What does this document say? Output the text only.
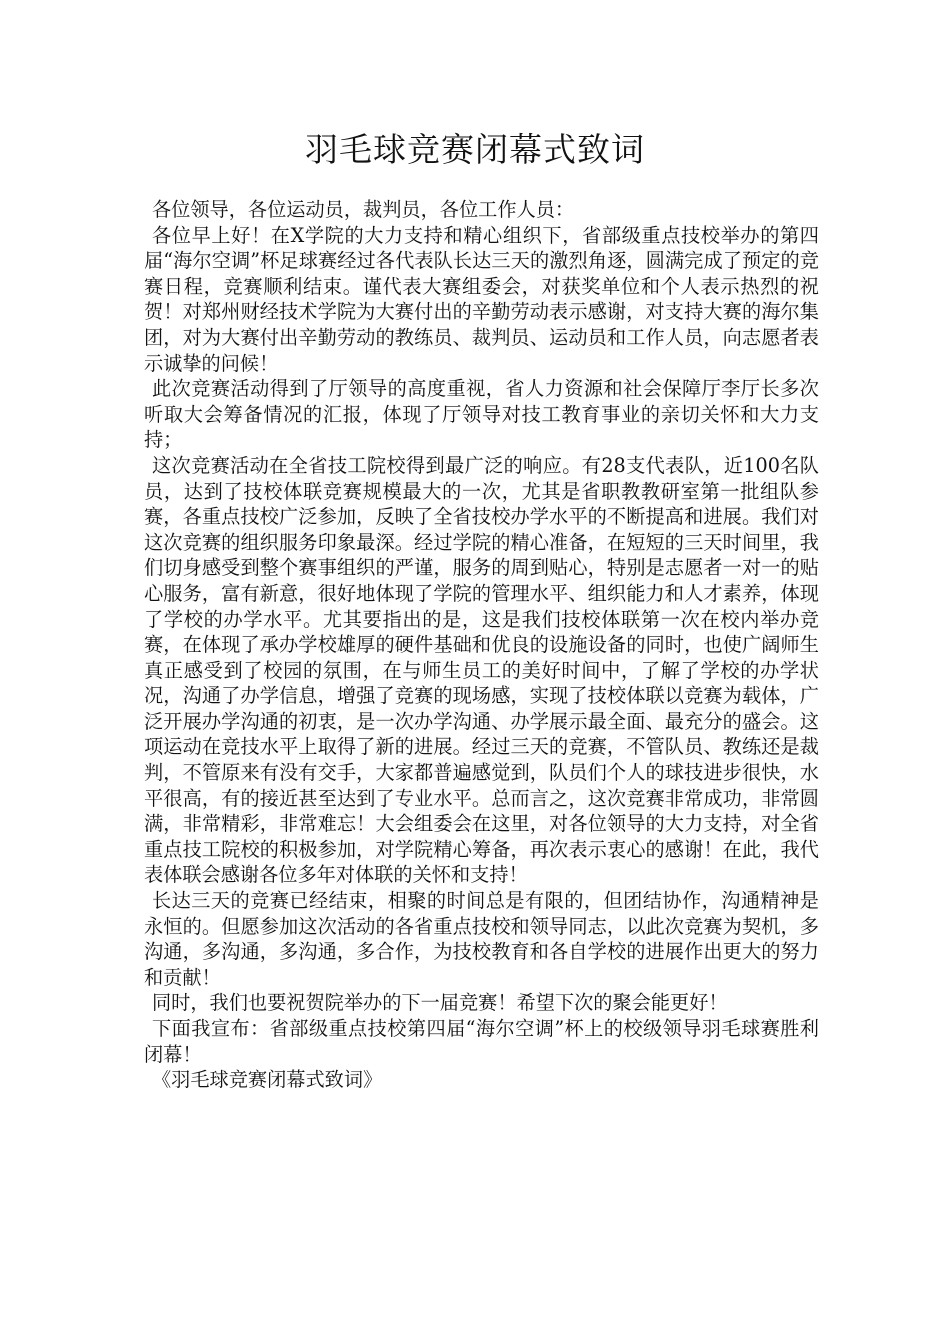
羽毛球竞赛闭幕式致词

各位领导，各位运动员，裁判员，各位工作人员：

各位早上好！在X学院的大力支持和精心组织下，省部级重点技校举办的第四届“海尔空调”杯足球赛经过各代表队长达三天的激烈角逐，圆满完成了预定的竞赛日程，竞赛顺利结束。谨代表大赛组委会，对获奖单位和个人表示热烈的祝贺！对郑州财经技术学院为大赛付出的辛勤劳动表示感谢，对支持大赛的海尔集团，对为大赛付出辛勤劳动的教练员、裁判员、运动员和工作人员，向志愿者表示诚挚的问候！

此次竞赛活动得到了厅领导的高度重视，省人力资源和社会保障厅李厅长多次听取大会筹备情况的汇报，体现了厅领导对技工教育事业的亲切关怀和大力支持；

这次竞赛活动在全省技工院校得到最广泛的响应。有28支代表队，近100名队员，达到了技校体联竞赛规模最大的一次，尤其是省职教教研室第一批组队参赛，各重点技校广泛参加，反映了全省技校办学水平的不断提高和进展。我们对这次竞赛的组织服务印象最深。经过学院的精心准备，在短短的三天时间里，我们切身感受到整个赛事组织的严谨，服务的周到贴心，特别是志愿者一对一的贴心服务，富有新意，很好地体现了学院的管理水平、组织能力和人才素养，体现了学校的办学水平。尤其要指出的是，这是我们技校体联第一次在校内举办竞赛，在体现了承办学校雄厚的硬件基础和优良的设施设备的同时，也使广阔师生真正感受到了校园的氛围，在与师生员工的美好时间中，了解了学校的办学状况，沟通了办学信息，增强了竞赛的现场感，实现了技校体联以竞赛为载体，广泛开展办学沟通的初衷，是一次办学沟通、办学展示最全面、最充分的盛会。这项运动在竞技水平上取得了新的进展。经过三天的竞赛，不管队员、教练还是裁判，不管原来有没有交手，大家都普遍感觉到，队员们个人的球技进步很快，水平很高，有的接近甚至达到了专业水平。总而言之，这次竞赛非常成功，非常圆满，非常精彩，非常难忘！大会组委会在这里，对各位领导的大力支持，对全省重点技工院校的积极参加，对学院精心筹备，再次表示衷心的感谢！在此，我代表体联会感谢各位多年对体联的关怀和支持！

长达三天的竞赛已经结束，相聚的时间总是有限的，但团结协作，沟通精神是永恒的。但愿参加这次活动的各省重点技校和领导同志，以此次竞赛为契机，多沟通，多沟通，多沟通，多合作，为技校教育和各自学校的进展作出更大的努力和贡献！

同时，我们也要祝贺院举办的下一届竞赛！希望下次的聚会能更好！

下面我宣布：省部级重点技校第四届“海尔空调”杯上的校级领导羽毛球赛胜利闭幕！

《羽毛球竞赛闭幕式致词》
